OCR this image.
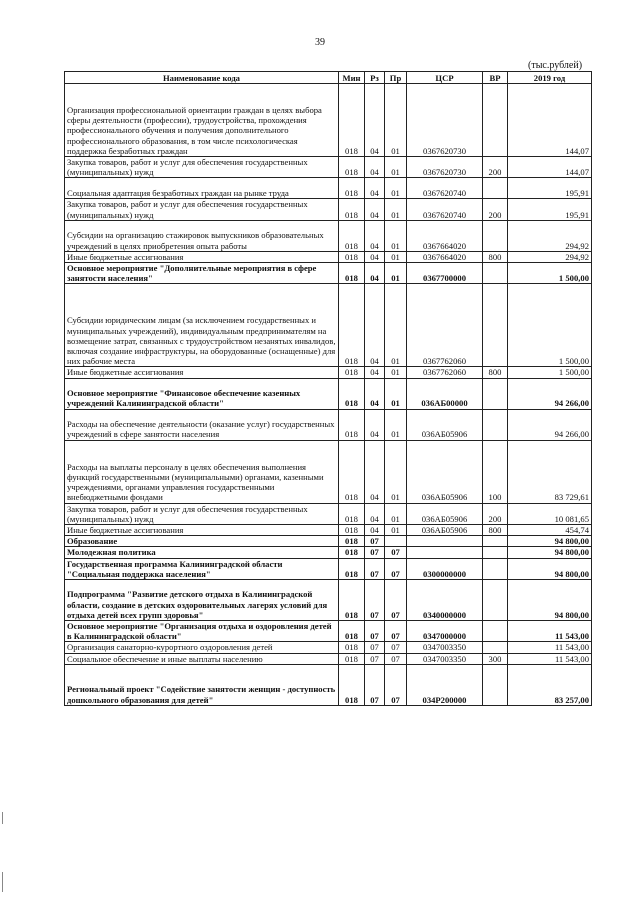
39
(тыс.рублей)
Наименование кода	Мин	Рз	Пр	ЦСР	ВР	2019 год
Организация профессиональной ориентации граждан в целях выбора сферы деятельности (профессии), трудоустройства, прохождения профессионального обучения и получения дополнительного профессионального образования, в том числе психологическая поддержка безработных граждан	018	04	01	0367620730		144,07
Закупка товаров, работ и услуг для обеспечения государственных (муниципальных) нужд	018	04	01	0367620730	200	144,07
Социальная адаптация безработных граждан на рынке труда	018	04	01	0367620740		195,91
Закупка товаров, работ и услуг для обеспечения государственных (муниципальных) нужд	018	04	01	0367620740	200	195,91
Субсидии на организацию стажировок выпускников образовательных учреждений в целях приобретения опыта работы	018	04	01	0367664020		294,92
Иные бюджетные ассигнования	018	04	01	0367664020	800	294,92
Основное мероприятие "Дополнительные мероприятия в сфере занятости населения"	018	04	01	0367700000		1 500,00
Субсидии юридическим лицам (за исключением государственных и муниципальных учреждений), индивидуальным предпринимателям на возмещение затрат, связанных с трудоустройством незанятых инвалидов, включая создание инфраструктуры, на оборудованные (оснащенные) для них рабочие места	018	04	01	0367762060		1 500,00
Иные бюджетные ассигнования	018	04	01	0367762060	800	1 500,00
Основное мероприятие "Финансовое обеспечение казенных учреждений Калининградской области"	018	04	01	036АБ00000		94 266,00
Расходы на обеспечение деятельности (оказание услуг) государственных учреждений в сфере занятости населения	018	04	01	036АБ05906		94 266,00
Расходы на выплаты персоналу в целях обеспечения выполнения функций государственными (муниципальными) органами, казенными учреждениями, органами управления государственными внебюджетными фондами	018	04	01	036АБ05906	100	83 729,61
Закупка товаров, работ и услуг для обеспечения государственных (муниципальных) нужд	018	04	01	036АБ05906	200	10 081,65
Иные бюджетные ассигнования	018	04	01	036АБ05906	800	454,74
Образование	018	07				94 800,00
Молодежная политика	018	07	07			94 800,00
Государственная программа Калининградской области "Социальная поддержка населения"	018	07	07	0300000000		94 800,00
Подпрограмма "Развитие детского отдыха в Калининградской области, создание в детских оздоровительных лагерях условий для отдыха детей всех групп здоровья"	018	07	07	0340000000		94 800,00
Основное мероприятие "Организация отдыха и оздоровления детей в Калининградской области"	018	07	07	0347000000		11 543,00
Организация санаторно-курортного оздоровления детей	018	07	07	0347003350		11 543,00
Социальное обеспечение и иные выплаты населению	018	07	07	0347003350	300	11 543,00
Региональный проект "Содействие занятости женщин - доступность дошкольного образования для детей"	018	07	07	034Р200000		83 257,00
